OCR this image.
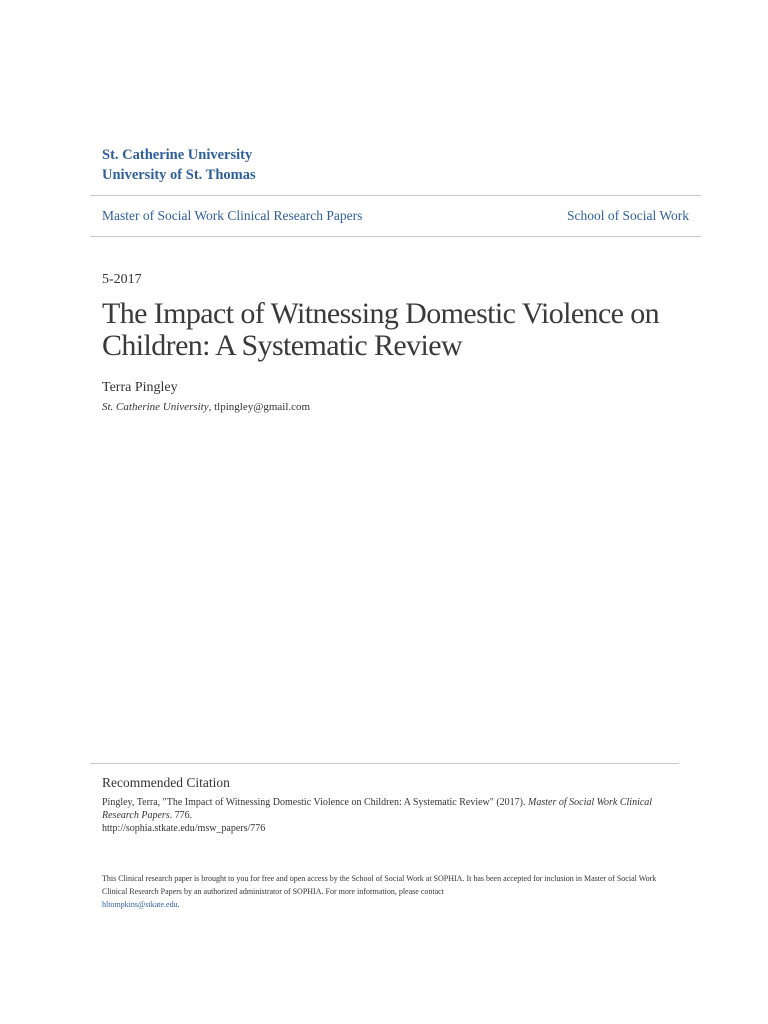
St. Catherine University
University of St. Thomas
Master of Social Work Clinical Research Papers	School of Social Work
5-2017
The Impact of Witnessing Domestic Violence on Children: A Systematic Review
Terra Pingley
St. Catherine University, tlpingley@gmail.com
Recommended Citation
Pingley, Terra, "The Impact of Witnessing Domestic Violence on Children: A Systematic Review" (2017). Master of Social Work Clinical Research Papers. 776.
http://sophia.stkate.edu/msw_papers/776
This Clinical research paper is brought to you for free and open access by the School of Social Work at SOPHIA. It has been accepted for inclusion in Master of Social Work Clinical Research Papers by an authorized administrator of SOPHIA. For more information, please contact
hltompkins@stkate.edu.
